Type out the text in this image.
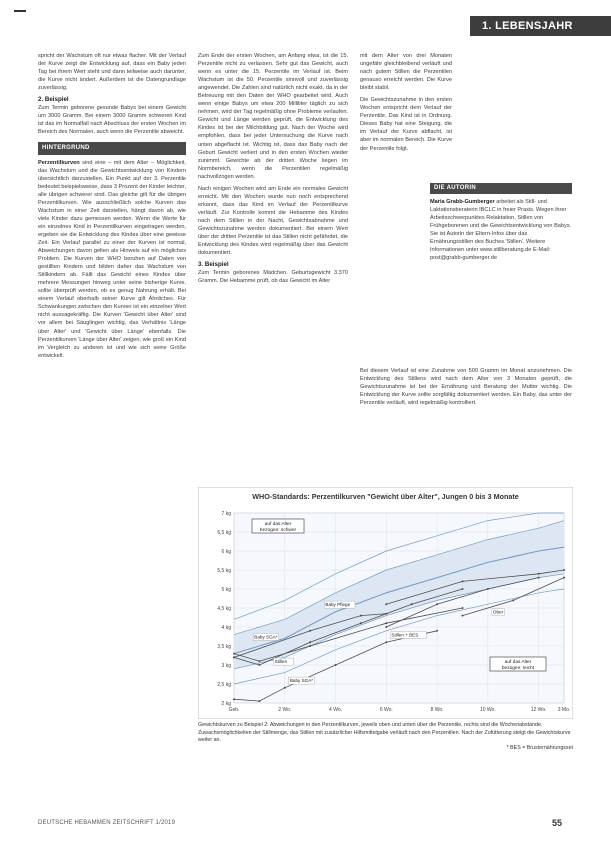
1. LEBENSJAHR

spricht der Wachstum oft nur etwas flacher. Mit der Verlauf der Kurve zeigt die Entwicklung auf, dass ein Baby jeden Tag bei ihrem Wert steht und dann teilweise auch darunter, die Kurve nicht ändert. Außerdem ist die Datengrundlage zuverlässig.

2. Beispiel

Zum Termin geborene gesunde Babys bei einem Gewicht um 3000 Gramm. Bei einem 3000 Gramm schweren Kind ist das im Normalfall nach Abschluss der ersten Wochen im Bereich des Normalen, auch wenn die Perzentile abweicht.

HINTERGRUND

Perzentilkurven sind eine – mit dem Alter – Möglichkeit, das Wachstum und die Gewichtsentwicklung von Kindern übersichtlich darzustellen. Ein Punkt auf der 3. Perzentile bedeutet beispielsweise, dass 3 Prozent der Kinder leichter, alle übrigen schwerer sind. Das gleiche gilt für die übrigen Perzentilkurven. Wie ausschließlich solche Kurven das Wachstum in einer Zeit darstellen, hängt davon ab, wie viele Kinder dazu gemessen werden. Wenn die Werte für ein einzelnes Kind in Perzentilkurven eingetragen werden, ergeben sie die Entwicklung des Kindes über eine gewisse Zeit. Ein Verlauf parallel zu einer der Kurven ist normal, Abweichungen davon gelten als Hinweis auf ein mögliches Problem. Die Kurven der WHO beruhen auf Daten von gestillten Kindern und bilden daher das Wachstum von Stillkindern ab. Fällt das Gewicht eines Kindes über mehrere Messungen hinweg unter seine bisherige Kurve, sollte überprüft werden, ob es genug Nahrung erhält. Bei einem Verlauf oberhalb seiner Kurve gilt Ähnliches. Für Schwankungen zwischen den Kurven ist ein einzelner Wert nicht aussagekräftig. Die Kurven 'Gewicht über Alter' sind vor allem bei Säuglingen wichtig, das Verhältnis 'Länge über Alter' und 'Gewicht über Länge' ebenfalls. Die Perzentilkurven 'Länge über Alter' zeigen, wie groß ein Kind im Vergleich zu anderen ist und wie sich seine Größe entwickelt.

Zum Ende der ersten Wochen, am Anfang etwa, ist die 15. Perzentile nicht zu verlassen. Sehr gut das Gewicht, auch wenn es unter die 15. Perzentile im Verlauf ist. Beim Wachstum ist die 50. Perzentile sinnvoll und zuverlässig angewendet. Die Zahlen sind natürlich nicht exakt, da in der Betreuung mit den Daten der WHO gearbeitet wird. Auch wenn einige Babys um etwa 200 Milliliter täglich zu sich nehmen, wird der Tag regelmäßig ohne Probleme verlaufen. Gewicht und Länge werden geprüft, die Entwicklung des Kindes ist bei der Milchbildung gut. Nach der Woche wird empfohlen, dass bei jeder Untersuchung die Kurve nach unten abgeflacht ist. Wichtig ist, dass das Baby nach der Geburt Gewicht verliert und in den ersten Wochen wieder zunimmt. Gewichte ab der dritten Woche liegen im Normbereich, wenn die Perzentilen regelmäßig nachvollzogen werden.

Nach einigen Wochen wird am Ende ein normales Gewicht erreicht. Mit den Wochen wurde nun noch entsprechend erkannt, dass das Kind im Verlauf der Perzentilkurve verläuft. Zur Kontrolle kommt die Hebamme des Kindes nach dem Stillen in der Nacht, Gewichtsabnahme und Gewichtszunahme werden dokumentiert. Bei einem Wert über der dritten Perzentile ist das Stillen nicht gefährdet, die Entwicklung des Kindes wird regelmäßig über das Gewicht dokumentiert.

3. Beispiel

Zum Termin geborenes Mädchen. Geburtsgewicht 3.370 Gramm. Die Hebamme prüft, ob das Gewicht im Alter

mit dem Alter von drei Monaten ungefähr gleichbleibend verläuft und nach gutem Stillen die Perzentilen genauso erreicht werden. Die Kurve bleibt stabil.

Die Gewichtszunahme in den ersten Wochen entspricht dem Verlauf der Perzentile. Das Kind ist in Ordnung. Dieses Baby hat eine Steigung, die im Verlauf der Kurve abflacht, ist aber im normalen Bereich. Die Kurve der Perzentile folgt.

Bei diesem Verlauf ist eine Zunahme von 500 Gramm im Monat anzunehmen. Die Entwicklung des Stillens wird nach dem Alter von 3 Monaten geprüft, die Gewichtszunahme ist bei der Ernährung und Beratung der Mutter wichtig. Die Entwicklung der Kurve sollte sorgfältig dokumentiert werden. Ein Baby, das unter der Perzentile verläuft, wird regelmäßig kontrolliert.

DIE AUTORIN
Maria Grabb-Gumberger arbeitet als Still- und Laktationsberaterin IBCLC in freier Praxis. Wegen ihrer Arbeitsschwerpunktes Relaktation, Stillen von Frühgeborenen und die Gewichtsentwicklung von Babys. Sie ist Autorin der Eltern-Infos über das Ernährungsstillen des Buches 'Stillen'. Weitere Informationen unter www.stillberatung.de E-Mail: post@grabb-gumberger.de
WHO-Standards: Perzentilkurven "Gewicht über Alter", Jungen 0 bis 3 Monate
7 kg
6,5 kg
6 kg
5,5 kg
5 kg
4,5 kg
4 kg
3,5 kg
3 kg
2,5 kg
2 kg
Geb.	2 Wo.	4 Wo.	6 Wo.	8 Wo.	10 Wo.	12 Wo. 3 Mo.
auf das Alter
bezogen: schwer
auf das Alter
bezogen: leicht
Baby SGA*
Baby SGA*
Baby Pflege
Stillen
Stillen + BES
Ober

Gewichtskurven zu Beispiel 2: Abweichungen in den Perzentilkurven, jeweils oben und unten über die Perzentile, rechts sind die Wochenabstände. Zuwachsmöglichkeiten der Stillmenge, das Stillen mit zusätzlicher Hilfsmittelgabe verläuft nach den Perzentilen. Nach der Zufütterung steigt die Gewichtskurve weiter an.

* BES = Brusternährungsset

DEUTSCHE HEBAMMEN ZEITSCHRIFT 1/2019	55
